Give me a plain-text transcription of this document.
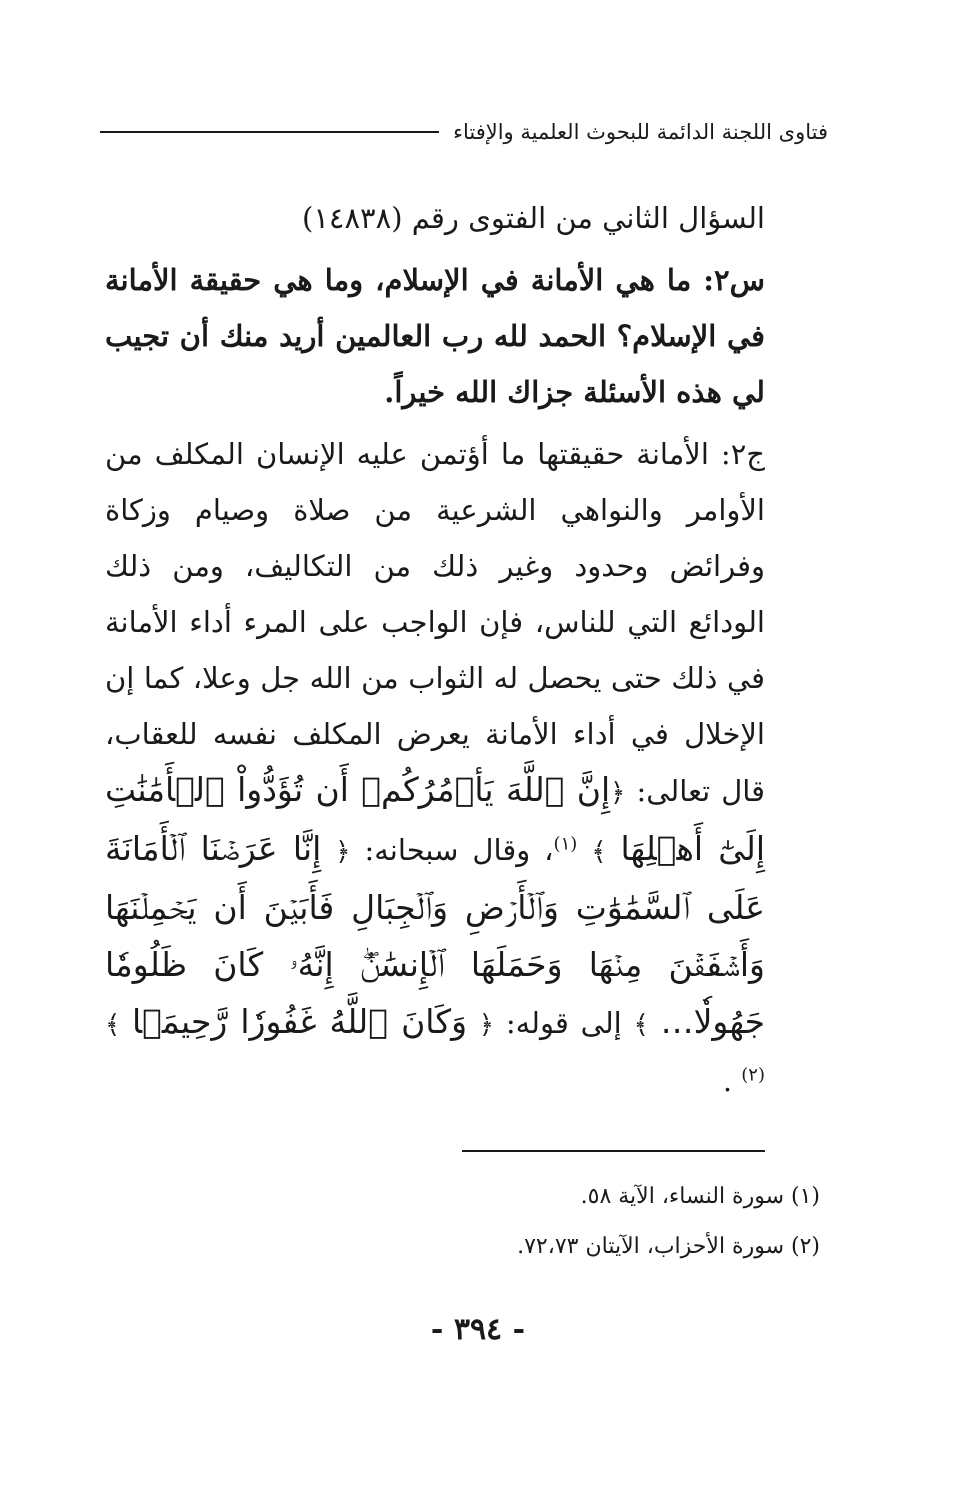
فتاوى اللجنة الدائمة للبحوث العلمية والإفتاء

السؤال الثاني من الفتوى رقم (١٤٨٣٨)

س٢: ما هي الأمانة في الإسلام، وما هي حقيقة الأمانة في الإسلام؟ الحمد لله رب العالمين أريد منك أن تجيب لي هذه الأسئلة جزاك الله خيراً.

ج٢: الأمانة حقيقتها ما أؤتمن عليه الإنسان المكلف من الأوامر والنواهي الشرعية من صلاة وصيام وزكاة وفرائض وحدود وغير ذلك من التكاليف، ومن ذلك الودائع التي للناس، فإن الواجب على المرء أداء الأمانة في ذلك حتى يحصل له الثواب من الله جل وعلا، كما إن الإخلال في أداء الأمانة يعرض المكلف نفسه للعقاب، قال تعالى: ﴿إِنَّ ٱللَّهَ يَأۡمُرُكُمۡ أَن تُؤَدُّواْ ٱلۡأَمَٰنَٰتِ إِلَىٰٓ أَهۡلِهَا ﴾ $^{(١)}$، وقال سبحانه: ﴿ إِنَّا عَرَضۡنَا ٱلۡأَمَانَةَ عَلَى ٱلسَّمَٰوَٰتِ وَٱلۡأَرۡضِ وَٱلۡجِبَالِ فَأَبَيۡنَ أَن يَحۡمِلۡنَهَا وَأَشۡفَقۡنَ مِنۡهَا وَحَمَلَهَا ٱلۡإِنسَٰنُۖ إِنَّهُۥ كَانَ ظَلُومٗا جَهُولٗا… ﴾ إلى قوله: ﴿ وَكَانَ ٱللَّهُ غَفُورٗا رَّحِيمَۢا ﴾ $^{(٢)}$ .

(١) سورة النساء، الآية ٥٨.

(٢) سورة الأحزاب، الآيتان ٧٢،٧٣.

- ٣٩٤ -
